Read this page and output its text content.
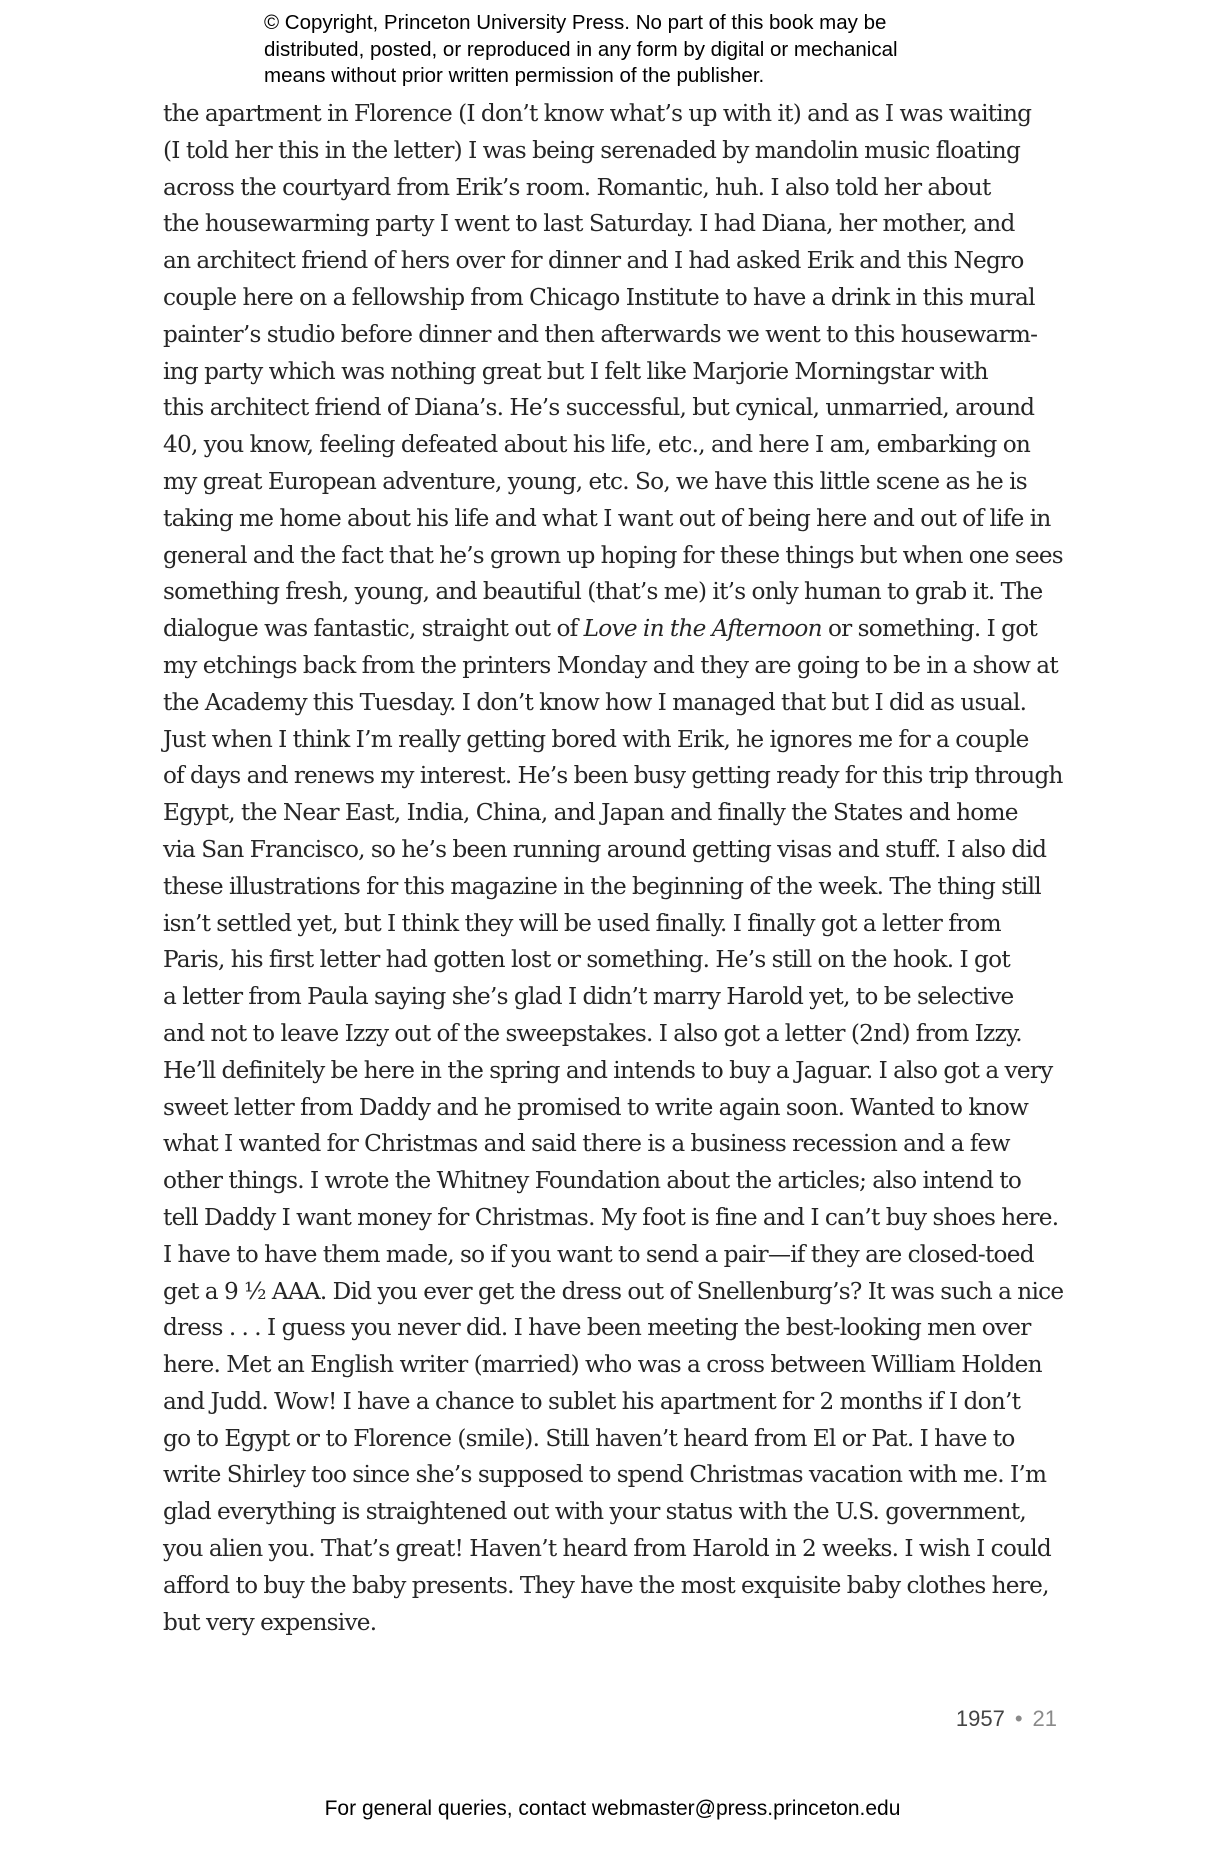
© Copyright, Princeton University Press. No part of this book may be
distributed, posted, or reproduced in any form by digital or mechanical
means without prior written permission of the publisher.
the apartment in Florence (I don’t know what’s up with it) and as I was waiting
(I told her this in the letter) I was being serenaded by mandolin music floating
across the courtyard from Erik’s room. Romantic, huh. I also told her about
the housewarming party I went to last Saturday. I had Diana, her mother, and
an architect friend of hers over for dinner and I had asked Erik and this Negro
couple here on a fellowship from Chicago Institute to have a drink in this mural
painter’s studio before dinner and then afterwards we went to this housewarm-
ing party which was nothing great but I felt like Marjorie Morningstar with
this architect friend of Diana’s. He’s successful, but cynical, unmarried, around
40, you know, feeling defeated about his life, etc., and here I am, embarking on
my great European adventure, young, etc. So, we have this little scene as he is
taking me home about his life and what I want out of being here and out of life in
general and the fact that he’s grown up hoping for these things but when one sees
something fresh, young, and beautiful (that’s me) it’s only human to grab it. The
dialogue was fantastic, straight out of Love in the Afternoon or something. I got
my etchings back from the printers Monday and they are going to be in a show at
the Academy this Tuesday. I don’t know how I managed that but I did as usual.
Just when I think I’m really getting bored with Erik, he ignores me for a couple
of days and renews my interest. He’s been busy getting ready for this trip through
Egypt, the Near East, India, China, and Japan and finally the States and home
via San Francisco, so he’s been running around getting visas and stuff. I also did
these illustrations for this magazine in the beginning of the week. The thing still
isn’t settled yet, but I think they will be used finally. I finally got a letter from
Paris, his first letter had gotten lost or something. He’s still on the hook. I got
a letter from Paula saying she’s glad I didn’t marry Harold yet, to be selective
and not to leave Izzy out of the sweepstakes. I also got a letter (2nd) from Izzy.
He’ll definitely be here in the spring and intends to buy a Jaguar. I also got a very
sweet letter from Daddy and he promised to write again soon. Wanted to know
what I wanted for Christmas and said there is a business recession and a few
other things. I wrote the Whitney Foundation about the articles; also intend to
tell Daddy I want money for Christmas. My foot is fine and I can’t buy shoes here.
I have to have them made, so if you want to send a pair—if they are closed-toed
get a 9 ½ AAA. Did you ever get the dress out of Snellenburg’s? It was such a nice
dress . . . I guess you never did. I have been meeting the best-looking men over
here. Met an English writer (married) who was a cross between William Holden
and Judd. Wow! I have a chance to sublet his apartment for 2 months if I don’t
go to Egypt or to Florence (smile). Still haven’t heard from El or Pat. I have to
write Shirley too since she’s supposed to spend Christmas vacation with me. I’m
glad everything is straightened out with your status with the U.S. government,
you alien you. That’s great! Haven’t heard from Harold in 2 weeks. I wish I could
afford to buy the baby presents. They have the most exquisite baby clothes here,
but very expensive.
1957 • 21
For general queries, contact webmaster@press.princeton.edu
